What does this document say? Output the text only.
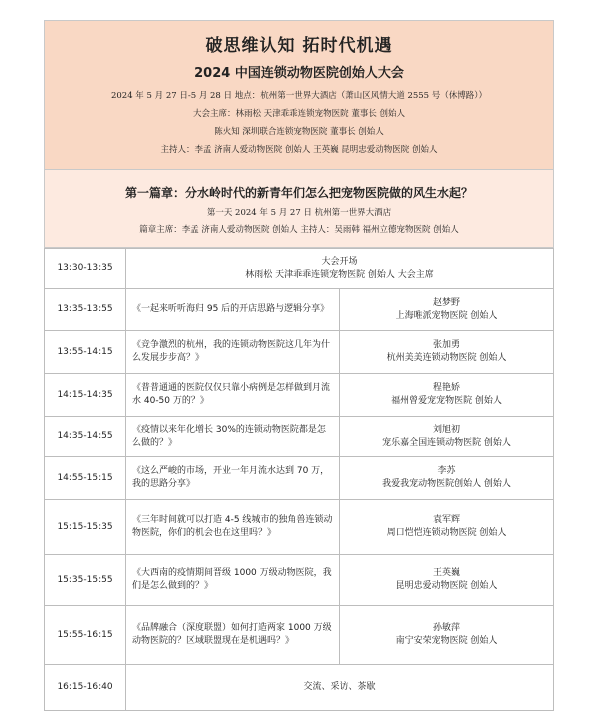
破思维认知 拓时代机遇
2024 中国连锁动物医院创始人大会
2024 年 5 月 27 日-5 月 28 日 地点：杭州第一世界大酒店（萧山区风情大道 2555 号（休博路））
大会主席：林雨松 天津乖乖连锁宠物医院 董事长 创始人
陈火知 深圳联合连锁宠物医院 董事长 创始人
主持人：李孟 济南人爱动物医院 创始人 王英巍 昆明忠爱动物医院 创始人
第一篇章：分水岭时代的新青年们怎么把宠物医院做的风生水起？
第一天 2024 年 5 月 27 日 杭州第一世界大酒店
篇章主席：李孟 济南人爱动物医院 创始人 主持人：吴雨韩 福州立德宠物医院 创始人
13:30-13:35	大会开场
林雨松 天津乖乖连锁宠物医院 创始人 大会主席	

13:35-13:55	《一起来听听海归 95 后的开店思路与逻辑分享》	赵梦野
上海唯派宠物医院 创始人

13:55-14:15	《竞争激烈的杭州，我的连锁动物医院这几年为什么发展步步高？》	张加勇
杭州美美连锁动物医院 创始人

14:15-14:35	《普普通通的医院仅仅只靠小病例是怎样做到月流水 40-50 万的？》	程艳娇
福州曾爱宠宠物医院 创始人

14:35-14:55	《疫情以来年化增长 30%的连锁动物医院都是怎么做的？》	刘旭初
宠乐嘉全国连锁动物医院 创始人

14:55-15:15	《这么严峻的市场，开业一年月流水达到 70 万，我的思路分享》	李苏
我爱我宠动物医院创始人 创始人

15:15-15:35	《三年时间就可以打造 4-5 线城市的独角兽连锁动物医院，你们的机会也在这里吗？》	袁军辉
周口恺恺连锁动物医院 创始人

15:35-15:55	《大西南的疫情期间晋级 1000 万级动物医院，我们是怎么做到的？》	王英巍
昆明忠爱动物医院 创始人

15:55-16:15	《品牌融合（深度联盟）如何打造两家 1000 万级动物医院的？区域联盟现在是机遇吗？》	孙敏萍
南宁安荣宠物医院 创始人

16:15-16:40	交流、采访、茶歇	
